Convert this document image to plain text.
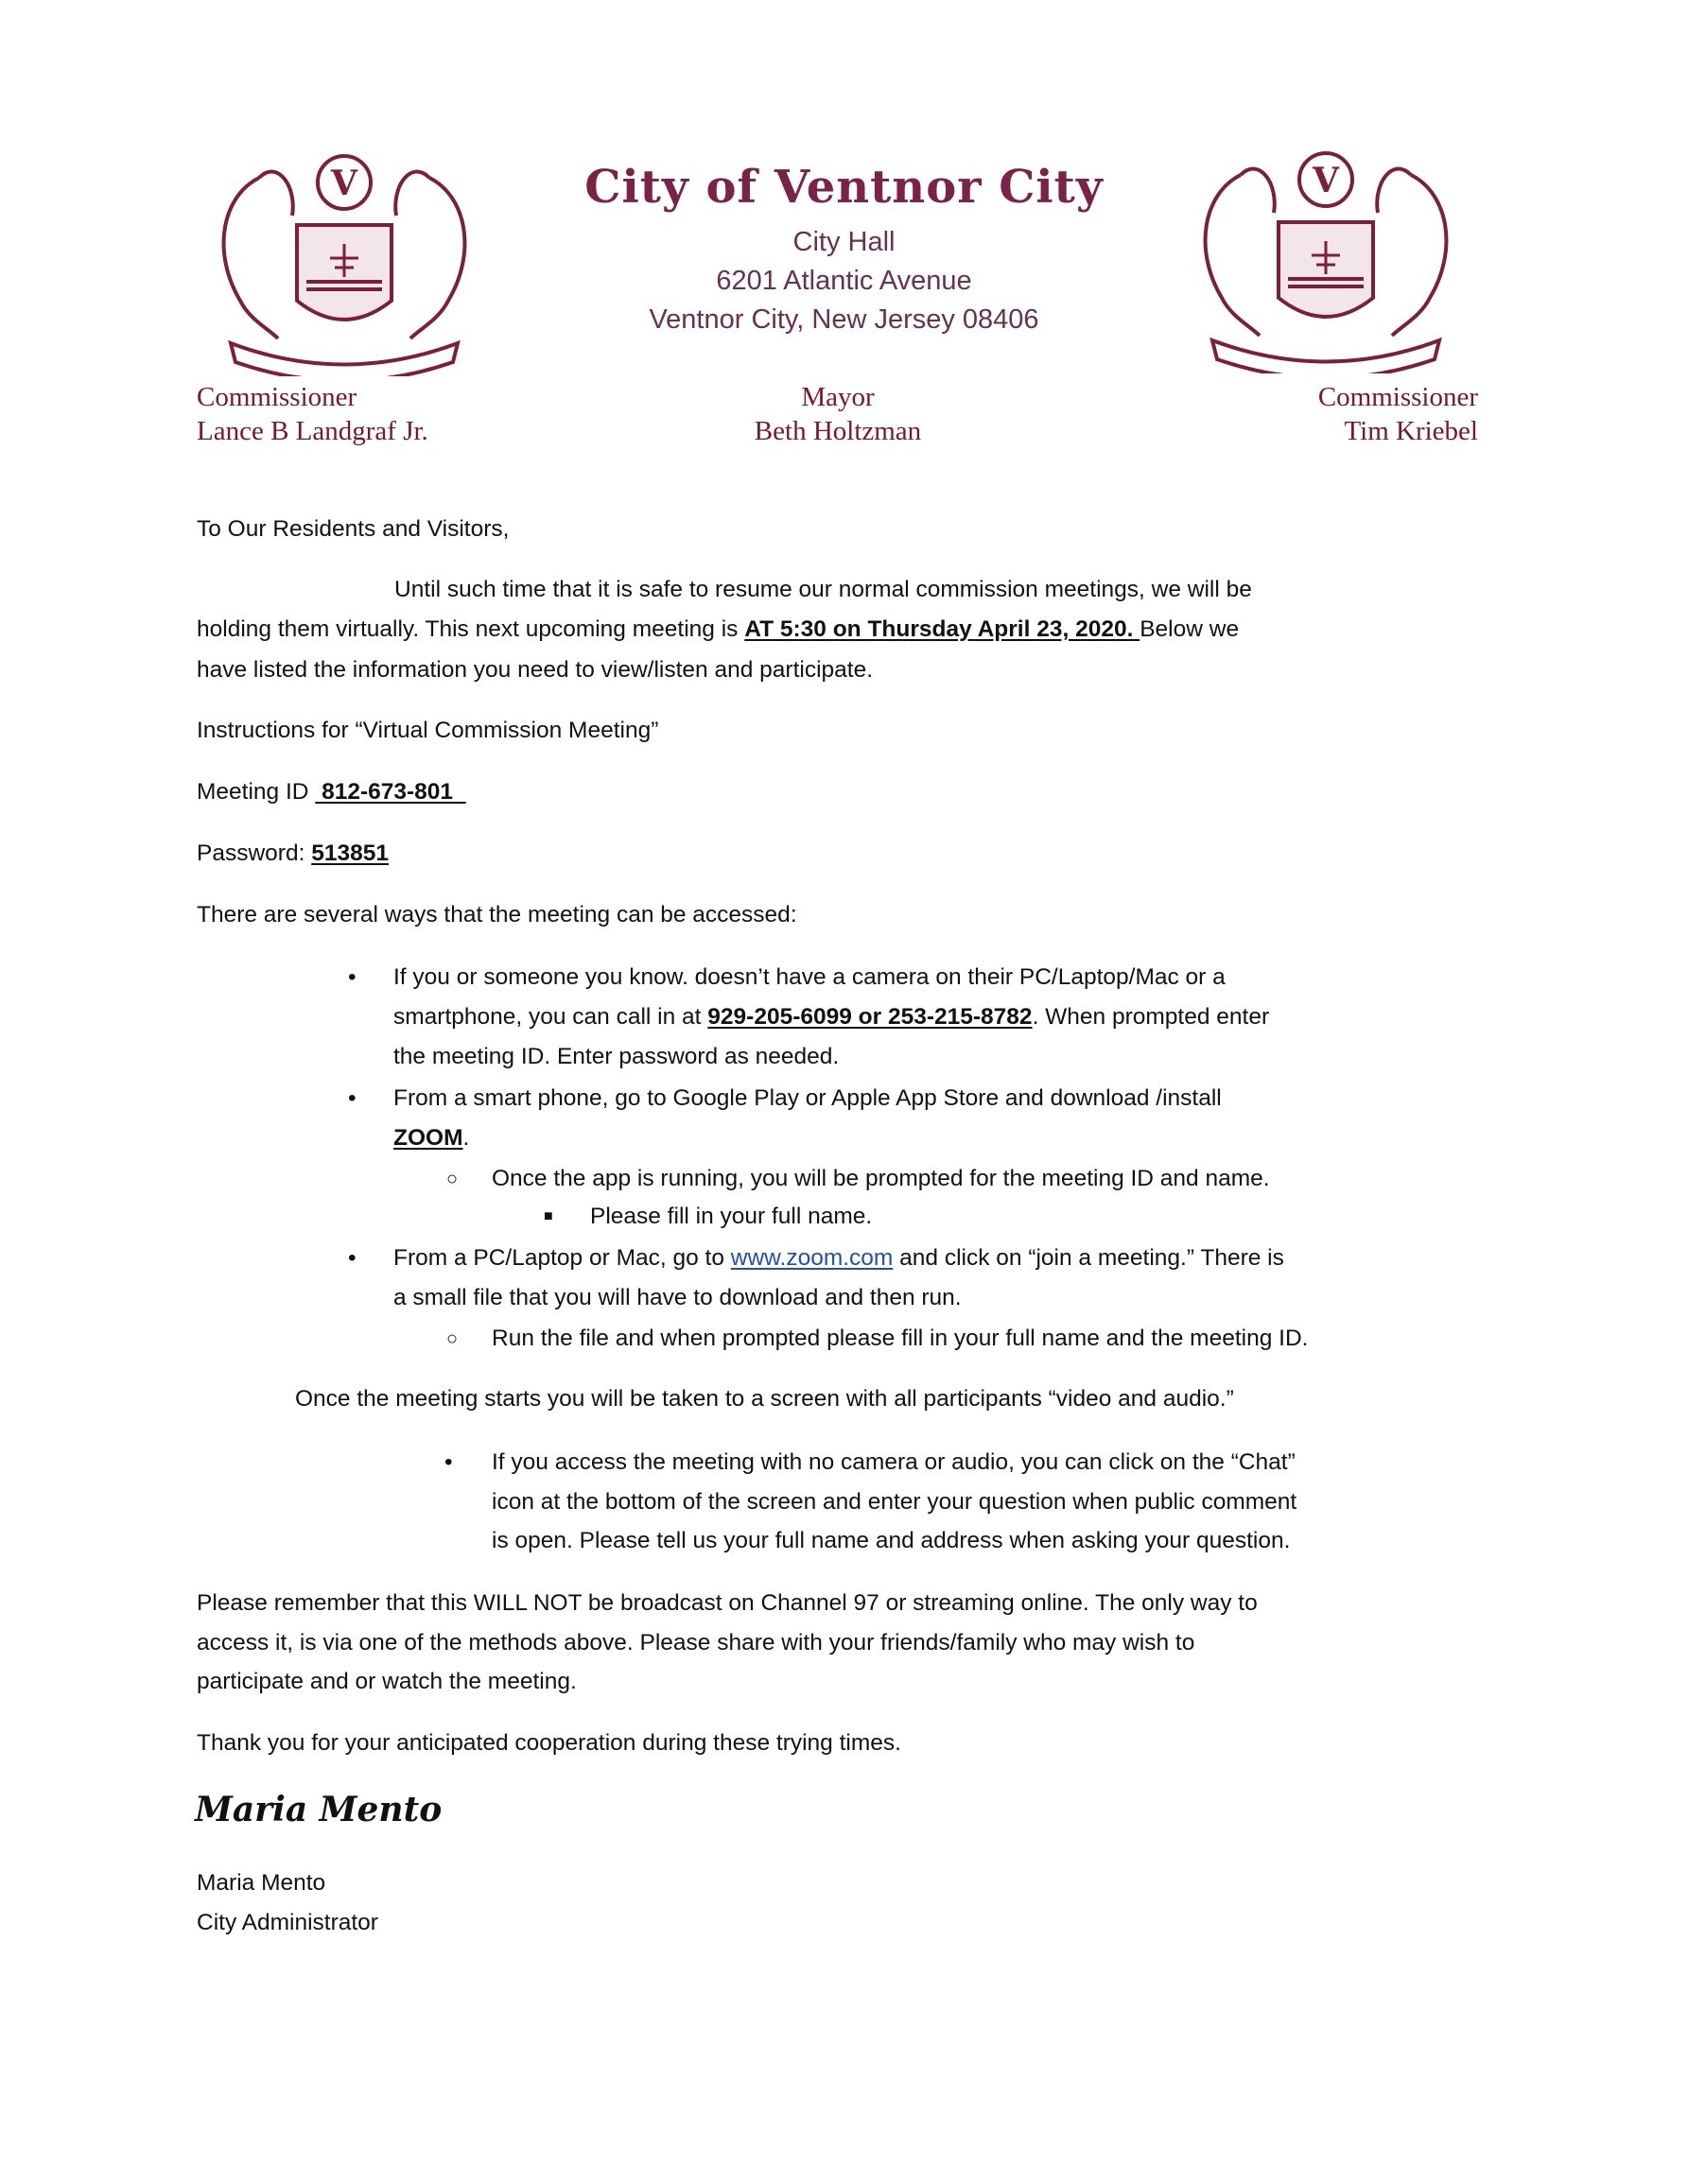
V	V
City of Ventnor City
City Hall
6201 Atlantic Avenue
Ventnor City, New Jersey 08406
Commissioner
Lance B Landgraf Jr.
Mayor
Beth Holtzman
Commissioner
Tim Kriebel
To Our Residents and Visitors,
Until such time that it is safe to resume our normal commission meetings, we will be
holding them virtually. This next upcoming meeting is AT 5:30 on Thursday April 23, 2020. Below we
have listed the information you need to view/listen and participate.
Instructions for “Virtual Commission Meeting”
Meeting ID  812-673-801
Password: 513851
There are several ways that the meeting can be accessed:
• If you or someone you know. doesn’t have a camera on their PC/Laptop/Mac or a
smartphone, you can call in at 929-205-6099 or 253-215-8782. When prompted enter
the meeting ID. Enter password as needed.
• From a smart phone, go to Google Play or Apple App Store and download /install
ZOOM.
○ Once the app is running, you will be prompted for the meeting ID and name.
■ Please fill in your full name.
• From a PC/Laptop or Mac, go to www.zoom.com and click on “join a meeting.” There is
a small file that you will have to download and then run.
○ Run the file and when prompted please fill in your full name and the meeting ID.
Once the meeting starts you will be taken to a screen with all participants “video and audio.”
• If you access the meeting with no camera or audio, you can click on the “Chat”
icon at the bottom of the screen and enter your question when public comment
is open. Please tell us your full name and address when asking your question.
Please remember that this WILL NOT be broadcast on Channel 97 or streaming online. The only way to
access it, is via one of the methods above. Please share with your friends/family who may wish to
participate and or watch the meeting.
Thank you for your anticipated cooperation during these trying times.
Maria Mento
Maria Mento
City Administrator
